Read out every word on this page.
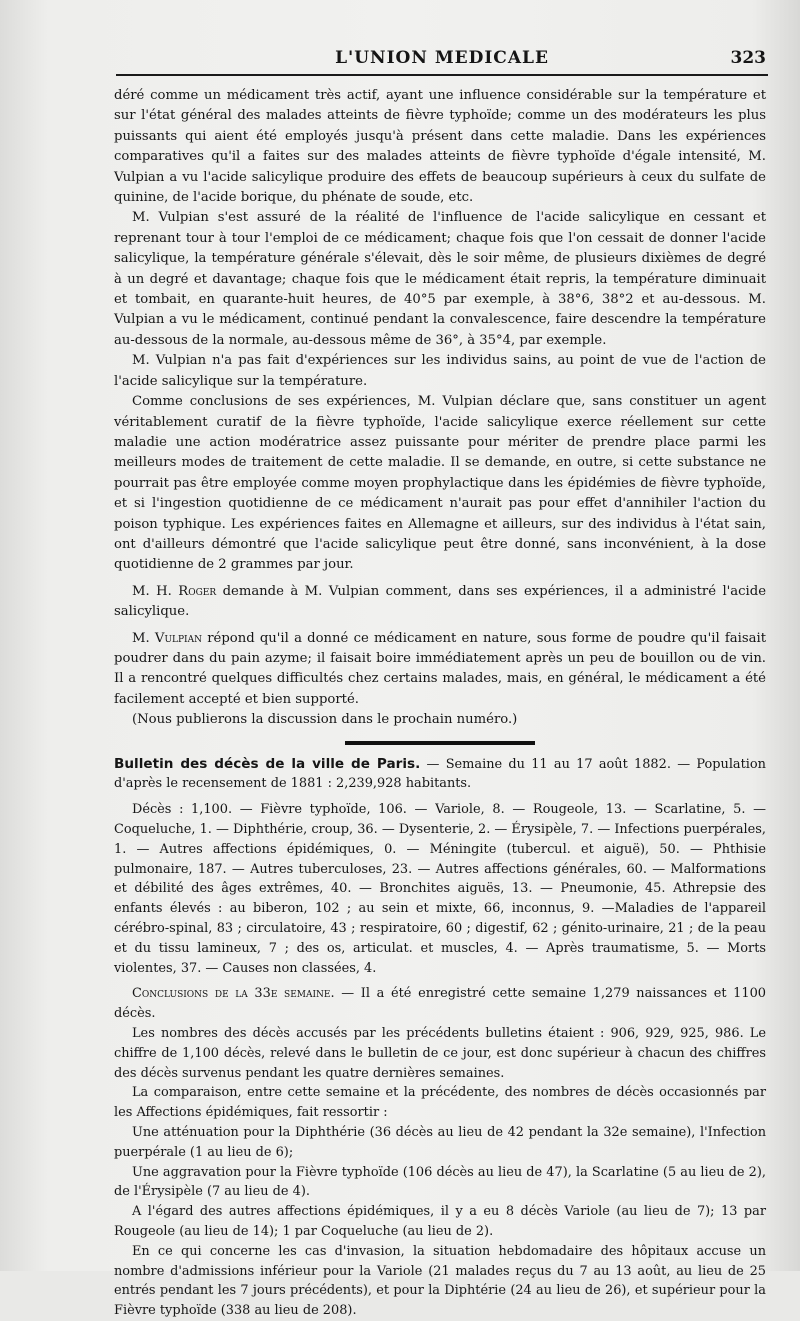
L'UNION MEDICALE	323

déré comme un médicament très actif, ayant une influence considérable sur la température et sur l'état général des malades atteints de fièvre typhoïde; comme un des modérateurs les plus puissants qui aient été employés jusqu'à présent dans cette maladie. Dans les expériences comparatives qu'il a faites sur des malades atteints de fièvre typhoïde d'égale intensité, M. Vulpian a vu l'acide salicylique produire des effets de beaucoup supérieurs à ceux du sulfate de quinine, de l'acide borique, du phénate de soude, etc.

M. Vulpian s'est assuré de la réalité de l'influence de l'acide salicylique en cessant et reprenant tour à tour l'emploi de ce médicament; chaque fois que l'on cessait de donner l'acide salicylique, la température générale s'élevait, dès le soir même, de plusieurs dixièmes de degré à un degré et davantage; chaque fois que le médicament était repris, la température diminuait et tombait, en quarante-huit heures, de 40°5 par exemple, à 38°6, 38°2 et au-dessous. M. Vulpian a vu le médicament, continué pendant la convalescence, faire descendre la température au-dessous de la normale, au-dessous même de 36°, à 35°4, par exemple.

M. Vulpian n'a pas fait d'expériences sur les individus sains, au point de vue de l'action de l'acide salicylique sur la température.

Comme conclusions de ses expériences, M. Vulpian déclare que, sans constituer un agent véritablement curatif de la fièvre typhoïde, l'acide salicylique exerce réellement sur cette maladie une action modératrice assez puissante pour mériter de prendre place parmi les meilleurs modes de traitement de cette maladie. Il se demande, en outre, si cette substance ne pourrait pas être employée comme moyen prophylactique dans les épidémies de fièvre typhoïde, et si l'ingestion quotidienne de ce médicament n'aurait pas pour effet d'annihiler l'action du poison typhique. Les expériences faites en Allemagne et ailleurs, sur des individus à l'état sain, ont d'ailleurs démontré que l'acide salicylique peut être donné, sans inconvénient, à la dose quotidienne de 2 grammes par jour.

M. H. Roger demande à M. Vulpian comment, dans ses expériences, il a administré l'acide salicylique.

M. Vulpian répond qu'il a donné ce médicament en nature, sous forme de poudre qu'il faisait poudrer dans du pain azyme; il faisait boire immédiatement après un peu de bouillon ou de vin. Il a rencontré quelques difficultés chez certains malades, mais, en général, le médicament a été facilement accepté et bien supporté.

(Nous publierons la discussion dans le prochain numéro.)

Bulletin des décès de la ville de Paris. — Semaine du 11 au 17 août 1882. — Population d'après le recensement de 1881 : 2,239,928 habitants.

Décès : 1,100. — Fièvre typhoïde, 106. — Variole, 8. — Rougeole, 13. — Scarlatine, 5. — Coqueluche, 1. — Diphthérie, croup, 36. — Dysenterie, 2. — Érysipèle, 7. — Infections puerpérales, 1. — Autres affections épidémiques, 0. — Méningite (tubercul. et aiguë), 50. — Phthisie pulmonaire, 187. — Autres tuberculoses, 23. — Autres affections générales, 60. — Malformations et débilité des âges extrêmes, 40. — Bronchites aiguës, 13. — Pneumonie, 45. Athrepsie des enfants élevés : au biberon, 102 ; au sein et mixte, 66, inconnus, 9. —Maladies de l'appareil cérébro-spinal, 83 ; circulatoire, 43 ; respiratoire, 60 ; digestif, 62 ; génito-urinaire, 21 ; de la peau et du tissu lamineux, 7 ; des os, articulat. et muscles, 4. — Après traumatisme, 5. — Morts violentes, 37. — Causes non classées, 4.

Conclusions de la 33e semaine. — Il a été enregistré cette semaine 1,279 naissances et 1100 décès.

Les nombres des décès accusés par les précédents bulletins étaient : 906, 929, 925, 986. Le chiffre de 1,100 décès, relevé dans le bulletin de ce jour, est donc supérieur à chacun des chiffres des décès survenus pendant les quatre dernières semaines.

La comparaison, entre cette semaine et la précédente, des nombres de décès occasionnés par les Affections épidémiques, fait ressortir :

Une atténuation pour la Diphthérie (36 décès au lieu de 42 pendant la 32e semaine), l'Infection puerpérale (1 au lieu de 6);

Une aggravation pour la Fièvre typhoïde (106 décès au lieu de 47), la Scarlatine (5 au lieu de 2), de l'Érysipèle (7 au lieu de 4).

A l'égard des autres affections épidémiques, il y a eu 8 décès Variole (au lieu de 7); 13 par Rougeole (au lieu de 14); 1 par Coqueluche (au lieu de 2).

En ce qui concerne les cas d'invasion, la situation hebdomadaire des hôpitaux accuse un nombre d'admissions inférieur pour la Variole (21 malades reçus du 7 au 13 août, au lieu de 25 entrés pendant les 7 jours précédents), et pour la Diphtérie (24 au lieu de 26), et supérieur pour la Fièvre typhoïde (338 au lieu de 208).
